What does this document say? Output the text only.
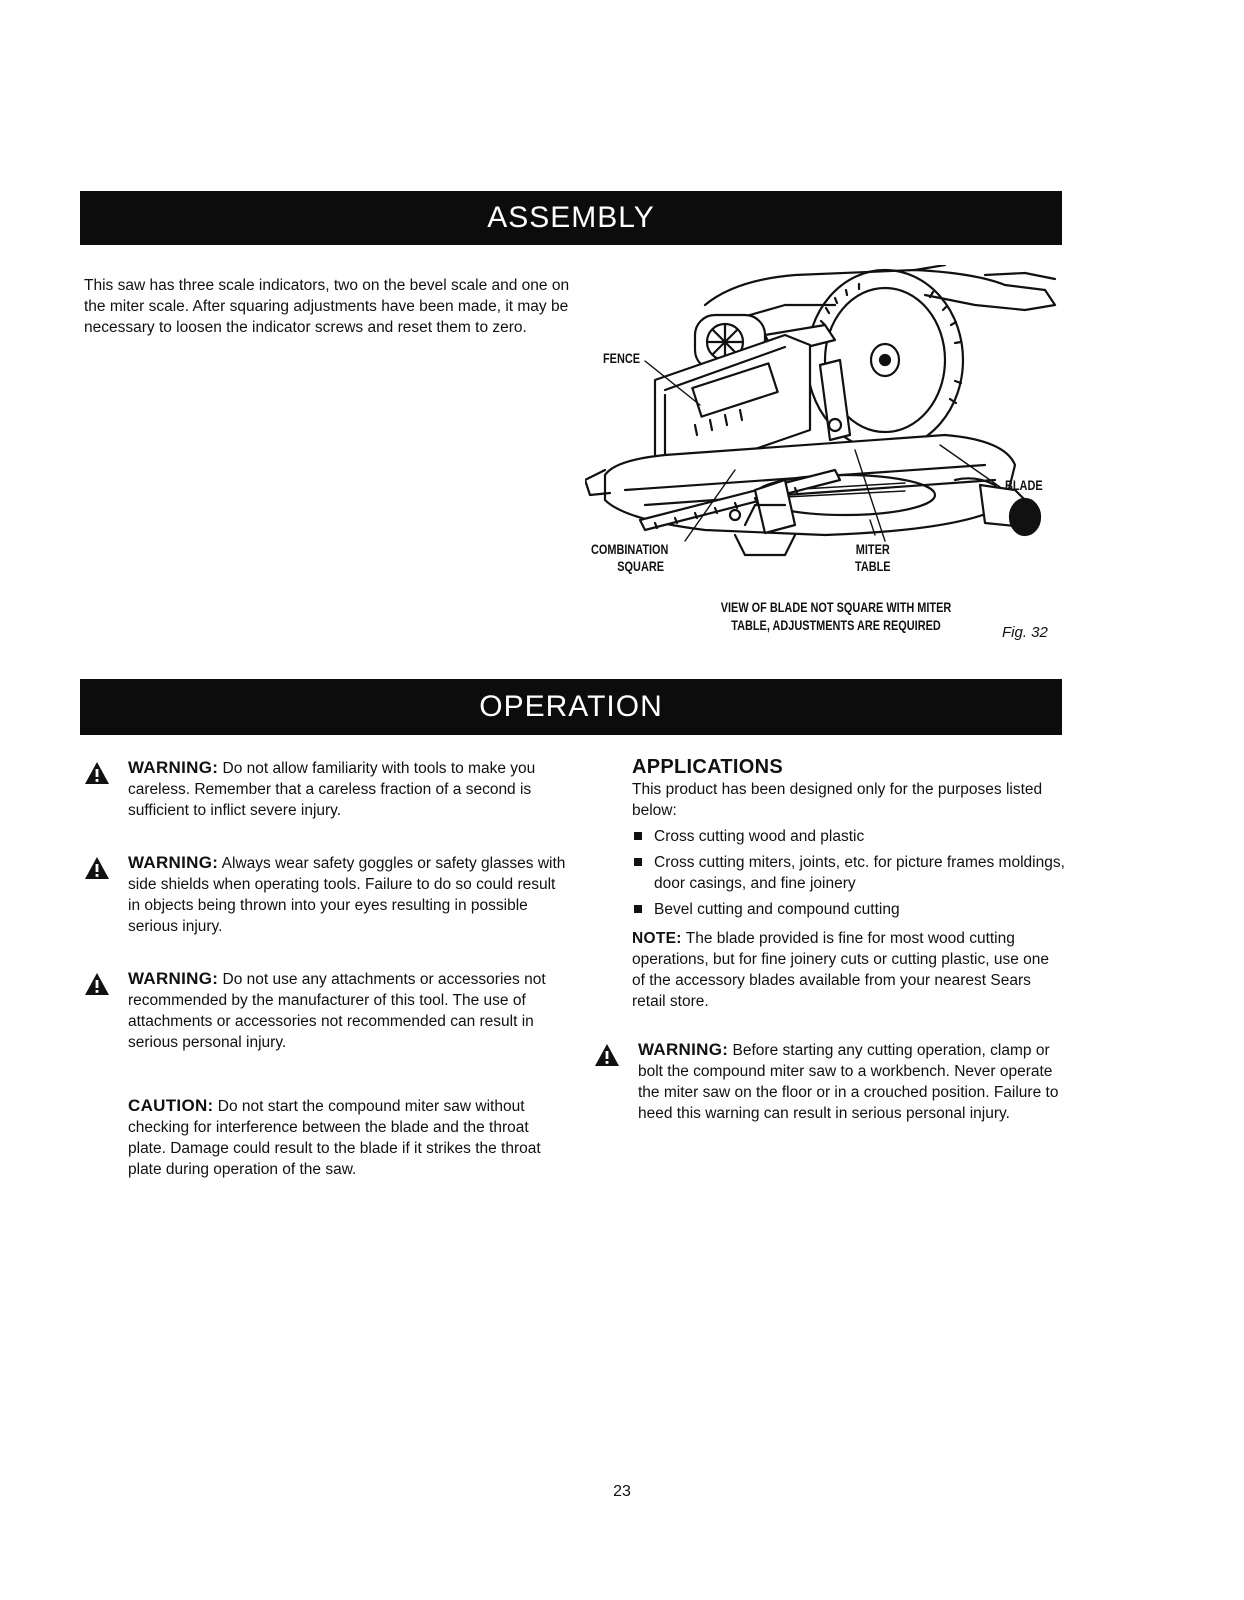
ASSEMBLY

This saw has three scale indicators, two on the bevel scale and one on the miter scale. After squaring adjustments have been made, it may be necessary to loosen the indicator screws and reset them to zero.

FENCE
BLADE
COMBINATION
SQUARE
MITER
TABLE
VIEW OF BLADE NOT SQUARE WITH MITER
TABLE, ADJUSTMENTS ARE REQUIRED	Fig. 32
OPERATION
WARNING: Do not allow familiarity with tools to make you careless. Remember that a careless fraction of a second is sufficient to inflict severe injury.
WARNING: Always wear safety goggles or safety glasses with side shields when operating tools. Failure to do so could result in objects being thrown into your eyes resulting in possible serious injury.
WARNING: Do not use any attachments or accessories not recommended by the manufacturer of this tool. The use of attachments or accessories not recommended can result in serious personal injury.
CAUTION: Do not start the compound miter saw without checking for interference between the blade and the throat plate. Damage could result to the blade if it strikes the throat plate during operation of the saw.
APPLICATIONS
This product has been designed only for the purposes listed below:
Cross cutting wood and plastic
Cross cutting miters, joints, etc. for picture frames moldings, door casings, and fine joinery
Bevel cutting and compound cutting
NOTE: The blade provided is fine for most wood cutting operations, but for fine joinery cuts or cutting plastic, use one of the accessory blades available from your nearest Sears retail store.
WARNING: Before starting any cutting operation, clamp or bolt the compound miter saw to a workbench. Never operate the miter saw on the floor or in a crouched position. Failure to heed this warning can result in serious personal injury.
23
